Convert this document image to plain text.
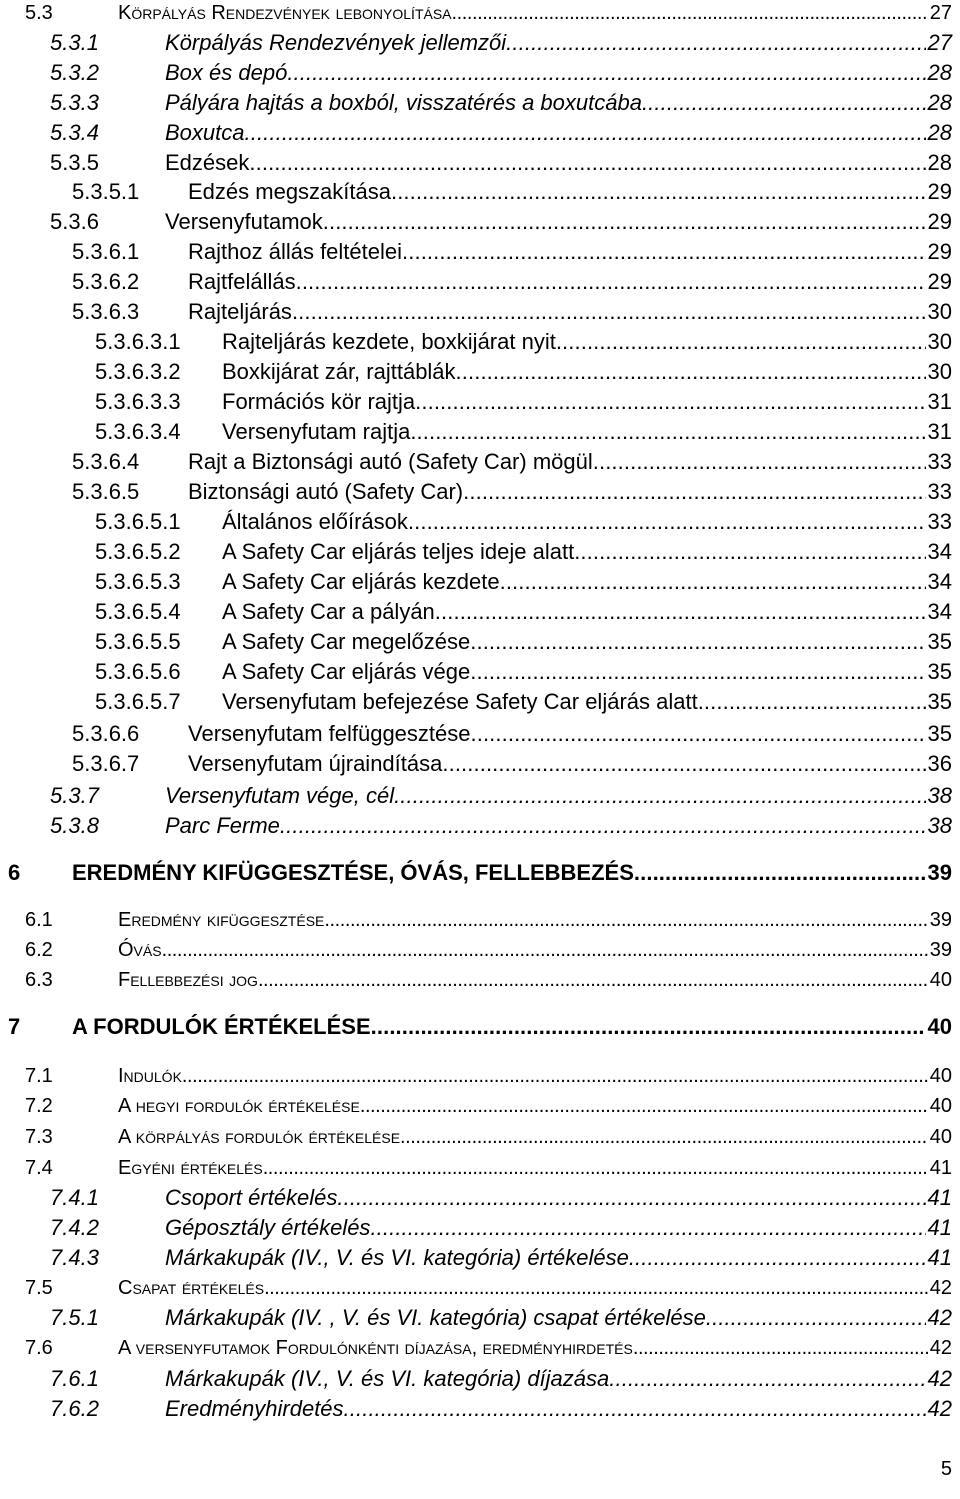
5.3	Körpályás Rendezvények lebonyolítása . . .	27
5.3.1	Körpályás Rendezvények jellemzői . . .	27
5.3.2	Box és depó . . .	28
5.3.3	Pályára hajtás a boxból, visszatérés a boxutcába . . .	28
5.3.4	Boxutca . . .	28
5.3.5	Edzések . . .	28
5.3.5.1 Edzés megszakítása . . .	29
5.3.6	Versenyfutamok . . .	29
5.3.6.1 Rajthoz állás feltételei . . .	29
5.3.6.2 Rajtfelállás . . .	29
5.3.6.3 Rajteljárás . . .	30
5.3.6.3.1 Rajteljárás kezdete, boxkijárat nyit . . .	30
5.3.6.3.2 Boxkijárat zár, rajttáblák . . .	30
5.3.6.3.3 Formációs kör rajtja . . .	31
5.3.6.3.4 Versenyfutam rajtja . . .	31
5.3.6.4 Rajt a Biztonsági autó (Safety Car) mögül . . .	33
5.3.6.5 Biztonsági autó (Safety Car) . . .	33
5.3.6.5.1 Általános előírások . . .	33
5.3.6.5.2 A Safety Car eljárás teljes ideje alatt . . .	34
5.3.6.5.3 A Safety Car eljárás kezdete . . .	34
5.3.6.5.4 A Safety Car a pályán . . .	34
5.3.6.5.5 A Safety Car megelőzése . . .	35
5.3.6.5.6 A Safety Car eljárás vége . . .	35
5.3.6.5.7 Versenyfutam befejezése Safety Car eljárás alatt . . .	35
5.3.6.6 Versenyfutam felfüggesztése . . .	35
5.3.6.7 Versenyfutam újraindítása . . .	36
5.3.7	Versenyfutam vége, cél . . .	38
5.3.8	Parc Ferme . . .	38
6 EREDMÉNY KIFÜGGESZTÉSE, ÓVÁS, FELLEBBEZÉS . . .	39
6.1	Eredmény kifüggesztése . . .	39
6.2	Óvás . . .	39
6.3	Fellebbezési jog . . .	40
7 A FORDULÓK ÉRTÉKELÉSE . . .	40
7.1	Indulók . . .	40
7.2	A hegyi fordulók értékelése . . .	40
7.3	A körpályás fordulók értékelése . . .	40
7.4	Egyéni értékelés . . .	41
7.4.1	Csoport értékelés . . .	41
7.4.2	Géposztály értékelés . . .	41
7.4.3	Márkakupák (IV., V. és VI. kategória) értékelése . . .	41
7.5	Csapat értékelés . . .	42
7.5.1	Márkakupák (IV. , V. és VI. kategória) csapat értékelése . . .	42
7.6	A versenyfutamok Fordulónkénti díjazása, eredményhirdetés . . .	42
7.6.1	Márkakupák (IV., V. és VI. kategória) díjazása . . .	42
7.6.2	Eredményhirdetés . . .	42
5
